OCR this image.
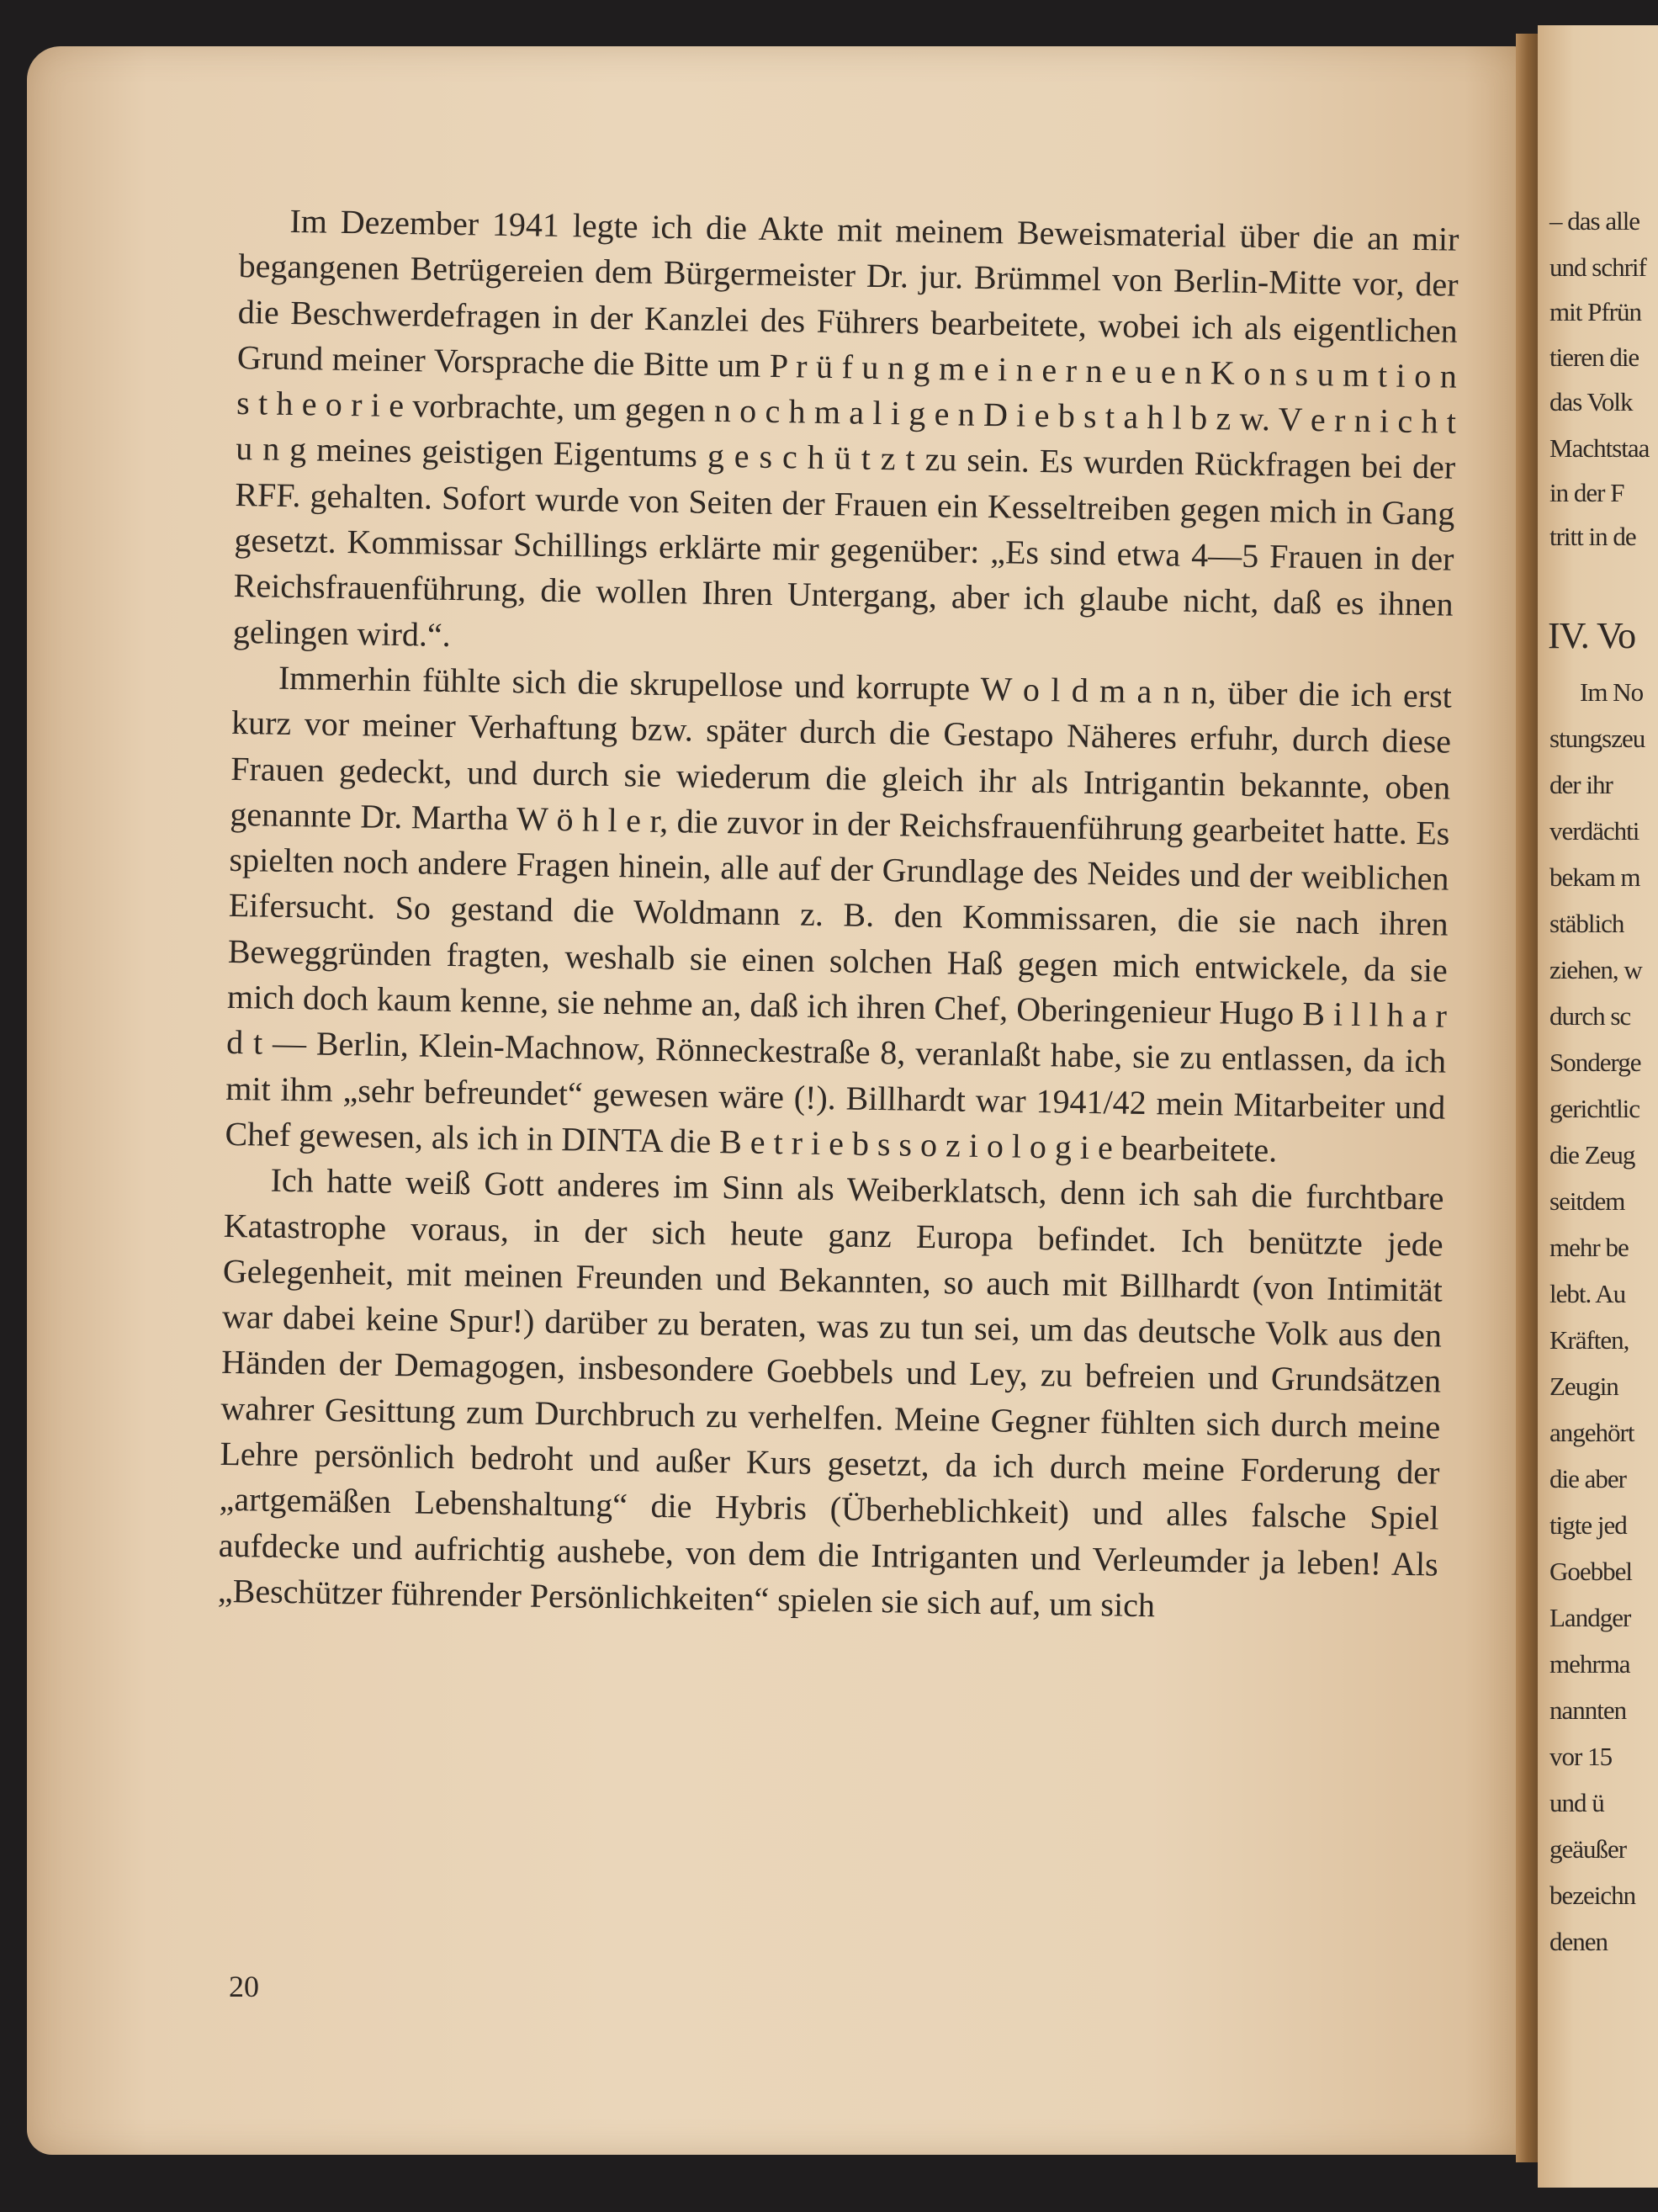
Im Dezember 1941 legte ich die Akte mit meinem Beweismaterial über die an mir begangenen Betrügereien dem Bürgermeister Dr. jur. Brümmel von Berlin-Mitte vor, der die Beschwerdefragen in der Kanzlei des Führers bearbeitete, wobei ich als eigentlichen Grund meiner Vorsprache die Bitte um P r ü f u n g m e i n e r n e u e n K o n s u m t i o n s t h e o r i e vorbrachte, um gegen n o c h m a l i g e n D i e b s t a h l b z w. V e r n i c h t u n g meines geistigen Eigentums g e s c h ü t z t zu sein. Es wurden Rückfragen bei der RFF. gehalten. Sofort wurde von Seiten der Frauen ein Kesseltreiben gegen mich in Gang gesetzt. Kommissar Schillings erklärte mir gegenüber: „Es sind etwa 4—5 Frauen in der Reichsfrauenführung, die wollen Ihren Untergang, aber ich glaube nicht, daß es ihnen gelingen wird.“.

Immerhin fühlte sich die skrupellose und korrupte W o l d m a n n, über die ich erst kurz vor meiner Verhaftung bzw. später durch die Gestapo Näheres erfuhr, durch diese Frauen gedeckt, und durch sie wiederum die gleich ihr als Intrigantin bekannte, oben genannte Dr. Martha W ö h l e r, die zuvor in der Reichsfrauenführung gearbeitet hatte. Es spielten noch andere Fragen hinein, alle auf der Grundlage des Neides und der weiblichen Eifersucht. So gestand die Woldmann z. B. den Kommissaren, die sie nach ihren Beweggründen fragten, weshalb sie einen solchen Haß gegen mich entwickele, da sie mich doch kaum kenne, sie nehme an, daß ich ihren Chef, Oberingenieur Hugo B i l l h a r d t — Berlin, Klein-Machnow, Rönneckestraße 8, veranlaßt habe, sie zu entlassen, da ich mit ihm „sehr befreundet“ gewesen wäre (!). Billhardt war 1941/42 mein Mitarbeiter und Chef gewesen, als ich in DINTA die B e t r i e b s s o z i o l o g i e bearbeitete.

Ich hatte weiß Gott anderes im Sinn als Weiberklatsch, denn ich sah die furchtbare Katastrophe voraus, in der sich heute ganz Europa befindet. Ich benützte jede Gelegenheit, mit meinen Freunden und Bekannten, so auch mit Billhardt (von Intimität war dabei keine Spur!) darüber zu beraten, was zu tun sei, um das deutsche Volk aus den Händen der Demagogen, insbesondere Goebbels und Ley, zu befreien und Grundsätzen wahrer Gesittung zum Durchbruch zu verhelfen. Meine Gegner fühlten sich durch meine Lehre persönlich bedroht und außer Kurs gesetzt, da ich durch meine Forderung der „artgemäßen Lebenshaltung“ die Hybris (Überheblichkeit) und alles falsche Spiel aufdecke und aufrichtig aushebe, von dem die Intriganten und Verleumder ja leben! Als „Beschützer führender Persönlichkeiten“ spielen sie sich auf, um sich

20
– das alle
und schrif
mit Pfrün
tieren die
das Volk
Machtstaa
in der F
tritt in de
IV. Vo
Im No
stungszeu
der ihr
verdächti
bekam m
stäblich
ziehen, w
durch sc
Sonderge
gerichtlic
die Zeug
seitdem
mehr be
lebt. Au
Kräften,
Zeugin
angehört
die aber
tigte jed
Goebbel
Landger
mehrma
nannten
vor 15
und ü
geäußer
bezeichn
denen
